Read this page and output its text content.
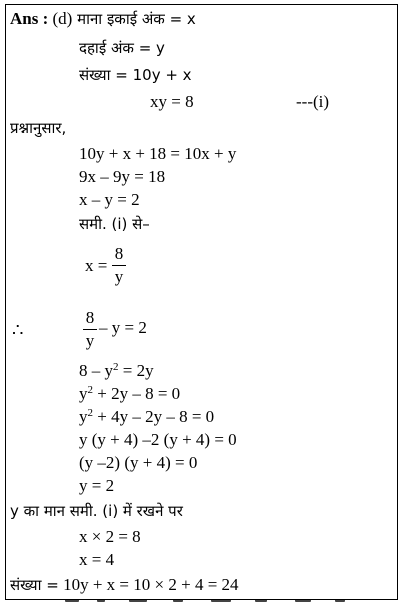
Ans : (d) माना इकाई अंक = x
दहाई अंक = y
संख्या = 10y + x
xy = 8	---(i)
प्रश्नानुसार,
10y + x + 18 = 10x + y
9x – 9y = 18
x – y = 2
समी. (i) से–
x =
8
y
∴
8
y
– y = 2
$8 - y^2 = 2y$
$y^2 + 2y - 8 = 0$
$y^2 + 4y - 2y - 8 = 0$
y (y + 4) –2 (y + 4) = 0
(y –2) (y + 4) = 0
y = 2
y का मान समी. (i) में रखने पर
x × 2 = 8
x = 4
संख्या = 10y + x = 10 × 2 + 4 = 24
